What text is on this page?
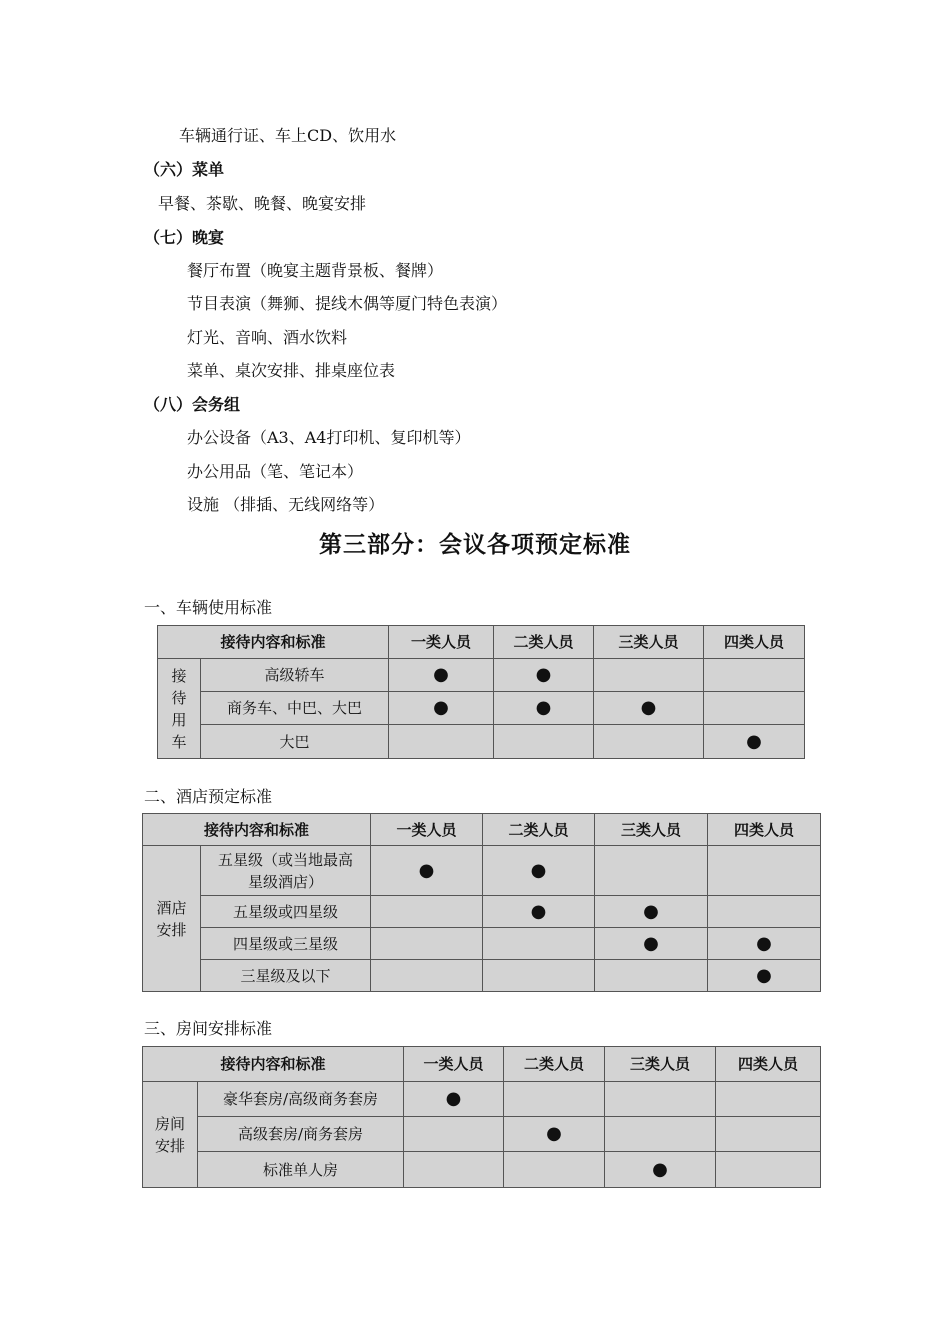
车辆通行证、车上CD、饮用水
（六）菜单
早餐、茶歇、晚餐、晚宴安排
（七）晚宴
餐厅布置（晚宴主题背景板、餐牌）
节目表演（舞狮、提线木偶等厦门特色表演）
灯光、音响、酒水饮料
菜单、桌次安排、排桌座位表
（八）会务组
办公设备（A3、A4打印机、复印机等）
办公用品（笔、笔记本）
设施 （排插、无线网络等）
第三部分：会议各项预定标准
一、车辆使用标准
接待内容和标准		一类人员	二类人员	三类人员	四类人员
接
待
用
车	高级轿车	●	●		
	商务车、中巴、大巴	●	●	●	
	大巴				●
二、酒店预定标准
接待内容和标准		一类人员	二类人员	三类人员	四类人员
酒店
安排	五星级（或当地最高
星级酒店）	●	●		
	五星级或四星级		●	●	
	四星级或三星级			●	●
	三星级及以下				●
三、房间安排标准
接待内容和标准		一类人员	二类人员	三类人员	四类人员
房间
安排	豪华套房/高级商务套房	●			
	高级套房/商务套房		●		
	标准单人房			●	
